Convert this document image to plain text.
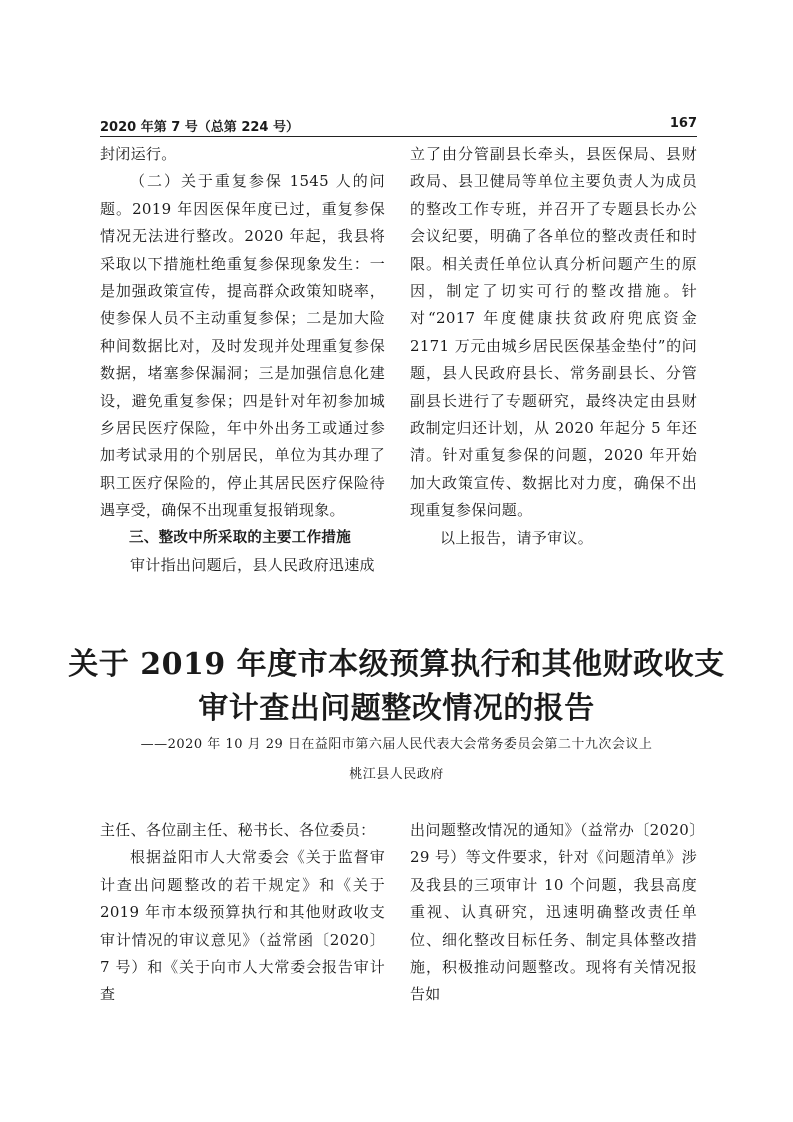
2020 年第 7 号（总第 224 号）	167

封闭运行。

（二）关于重复参保 1545 人的问题。2019 年因医保年度已过，重复参保情况无法进行整改。2020 年起，我县将采取以下措施杜绝重复参保现象发生：一是加强政策宣传，提高群众政策知晓率，使参保人员不主动重复参保；二是加大险种间数据比对，及时发现并处理重复参保数据，堵塞参保漏洞；三是加强信息化建设，避免重复参保；四是针对年初参加城乡居民医疗保险，年中外出务工或通过参加考试录用的个别居民，单位为其办理了职工医疗保险的，停止其居民医疗保险待遇享受，确保不出现重复报销现象。

三、整改中所采取的主要工作措施

审计指出问题后，县人民政府迅速成

立了由分管副县长牵头，县医保局、县财政局、县卫健局等单位主要负责人为成员的整改工作专班，并召开了专题县长办公会议纪要，明确了各单位的整改责任和时限。相关责任单位认真分析问题产生的原因，制定了切实可行的整改措施。针对“2017 年度健康扶贫政府兜底资金 2171 万元由城乡居民医保基金垫付”的问题，县人民政府县长、常务副县长、分管副县长进行了专题研究，最终决定由县财政制定归还计划，从 2020 年起分 5 年还清。针对重复参保的问题，2020 年开始加大政策宣传、数据比对力度，确保不出现重复参保问题。

以上报告，请予审议。

关于 2019 年度市本级预算执行和其他财政收支
审计查出问题整改情况的报告
——2020 年 10 月 29 日在益阳市第六届人民代表大会常务委员会第二十九次会议上
桃江县人民政府

主任、各位副主任、秘书长、各位委员：

根据益阳市人大常委会《关于监督审计查出问题整改的若干规定》和《关于 2019 年市本级预算执行和其他财政收支审计情况的审议意见》（益常函〔2020〕7 号）和《关于向市人大常委会报告审计查

出问题整改情况的通知》（益常办〔2020〕29 号）等文件要求，针对《问题清单》涉及我县的三项审计 10 个问题，我县高度重视、认真研究，迅速明确整改责任单位、细化整改目标任务、制定具体整改措施，积极推动问题整改。现将有关情况报告如
